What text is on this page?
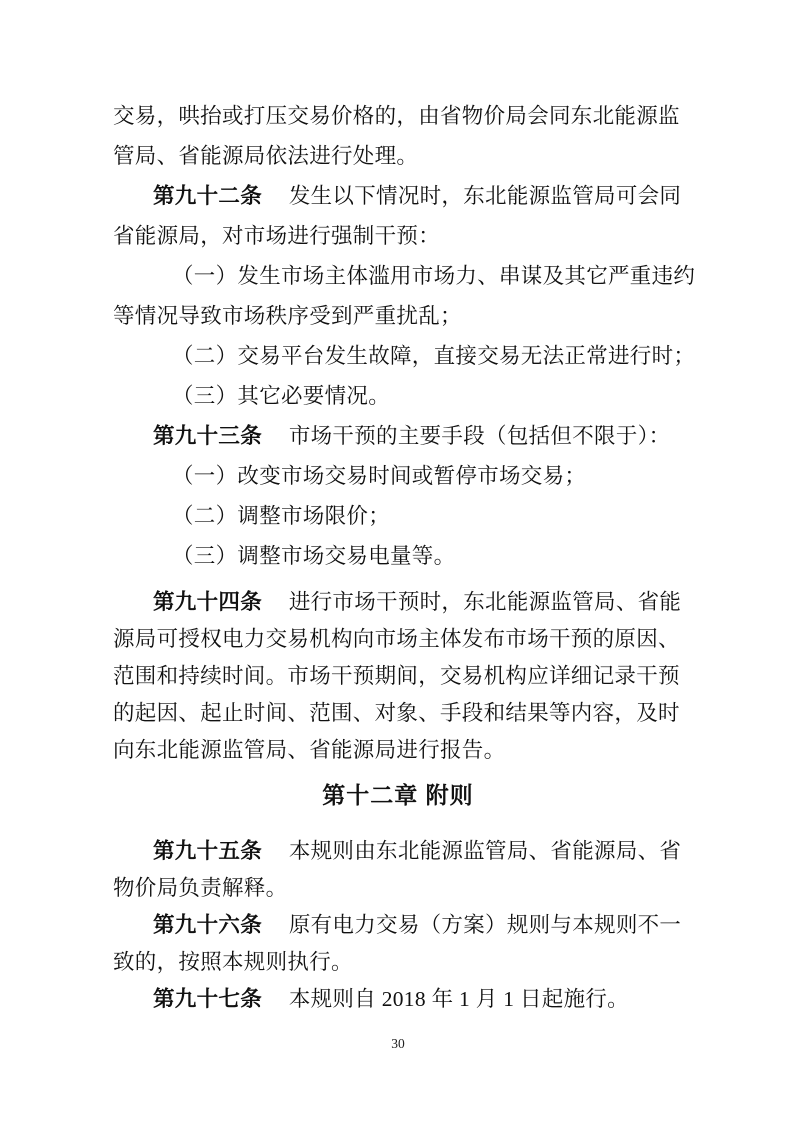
交易，哄抬或打压交易价格的，由省物价局会同东北能源监

管局、省能源局依法进行处理。

第九十二条　发生以下情况时，东北能源监管局可会同

省能源局，对市场进行强制干预：

（一）发生市场主体滥用市场力、串谋及其它严重违约

等情况导致市场秩序受到严重扰乱；

（二）交易平台发生故障，直接交易无法正常进行时；

（三）其它必要情况。

第九十三条　市场干预的主要手段（包括但不限于）：

（一）改变市场交易时间或暂停市场交易；

（二）调整市场限价；

（三）调整市场交易电量等。

第九十四条　进行市场干预时，东北能源监管局、省能

源局可授权电力交易机构向市场主体发布市场干预的原因、

范围和持续时间。市场干预期间，交易机构应详细记录干预

的起因、起止时间、范围、对象、手段和结果等内容，及时

向东北能源监管局、省能源局进行报告。

第十二章 附则

第九十五条　本规则由东北能源监管局、省能源局、省

物价局负责解释。

第九十六条　原有电力交易（方案）规则与本规则不一

致的，按照本规则执行。

第九十七条　本规则自 2018 年 1 月 1 日起施行。

30
